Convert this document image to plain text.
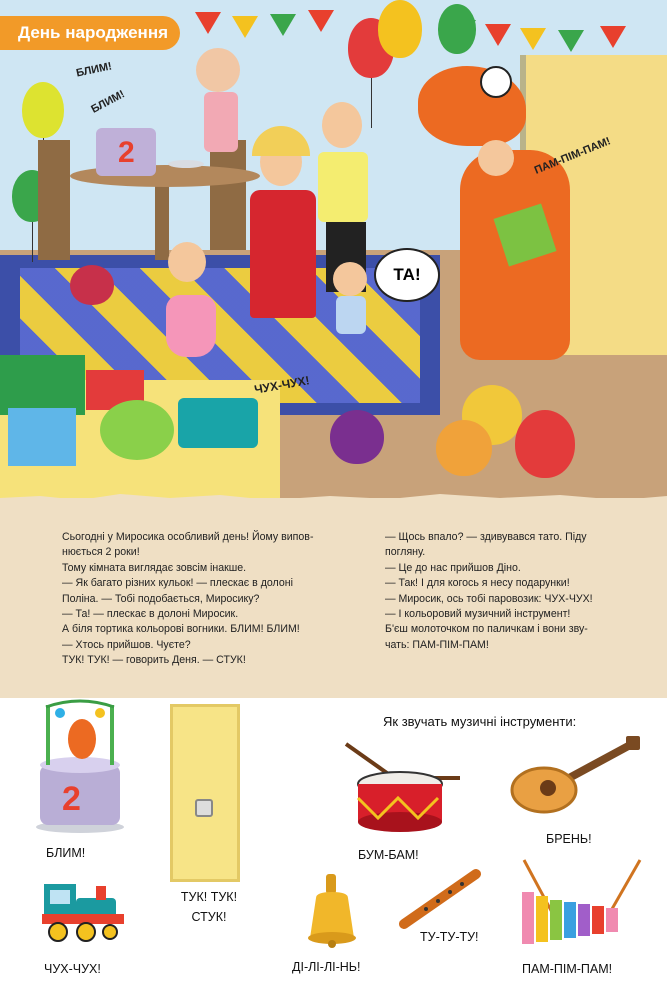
День народження
2
БЛИМ!
БЛИМ!
ТА!
ПАМ-ПІМ-ПАМ!
ЧУХ-ЧУХ!
Сьогодні у Миросика особливий день! Йому випов-
нюється 2 роки!
Тому кімната виглядає зовсім інакше.
— Як багато різних кульок! — плескає в долоні
Поліна. — Тобі подобається, Миросику?
— Та! — плескає в долоні Миросик.
А біля тортика кольорові вогники. БЛИМ! БЛИМ!
— Хтось прийшов. Чуєте?
ТУК! ТУК! — говорить Деня. — СТУК!
— Щось впало? — здивувався тато. Піду
погляну.
— Це до нас прийшов Діно.
— Так! І для когось я несу подарунки!
— Миросик, ось тобі паровозик: ЧУХ-ЧУХ!
— І кольоровий музичний інструмент!
Б'єш молоточком по паличкам і вони зву-
чать: ПАМ-ПІМ-ПАМ!
Як звучать музичні інструменти:
2
БЛИМ!
ЧУХ-ЧУХ!
ТУК! ТУК!
СТУК!
ДІ-ЛІ-ЛІ-НЬ!
БУМ-БАМ!
ТУ-ТУ-ТУ!
БРЕНЬ!
ПАМ-ПІМ-ПАМ!
